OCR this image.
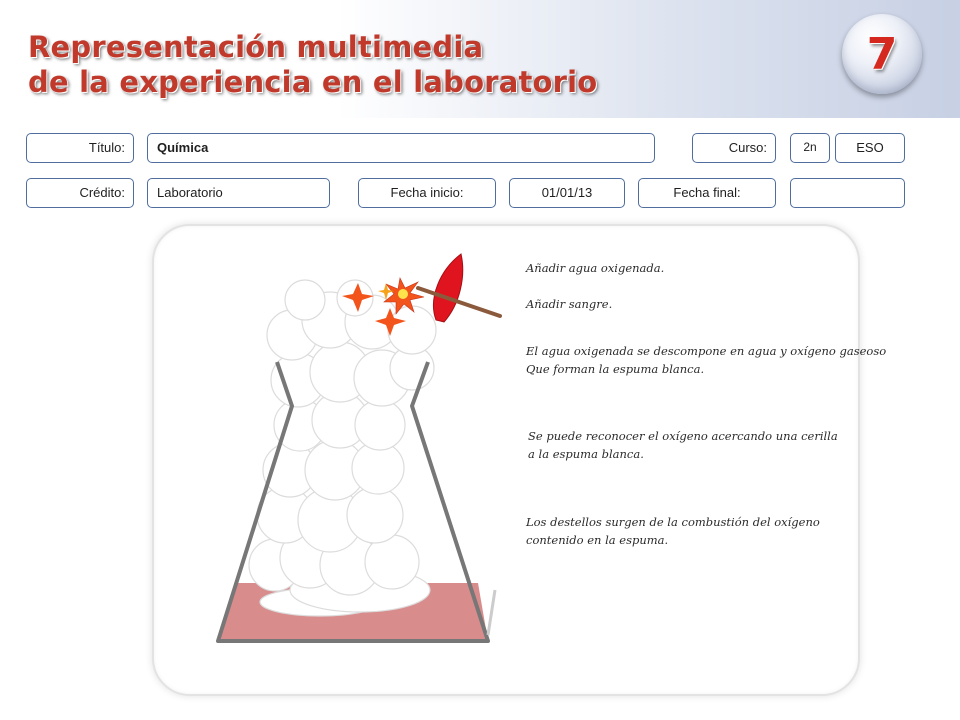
Representación multimedia
de la experiencia en el laboratorio
7
Título:	Química	Curso:	2n	ESO
Crédito:	Laboratorio	Fecha inicio:	01/01/13	Fecha final:
Añadir agua oxigenada.
Añadir sangre.
El agua oxigenada se descompone en agua y oxígeno gaseoso
Que forman la espuma blanca.
Se puede reconocer el oxígeno acercando una cerilla
a la espuma blanca.
Los destellos surgen de la combustión del oxígeno
contenido en la espuma.
